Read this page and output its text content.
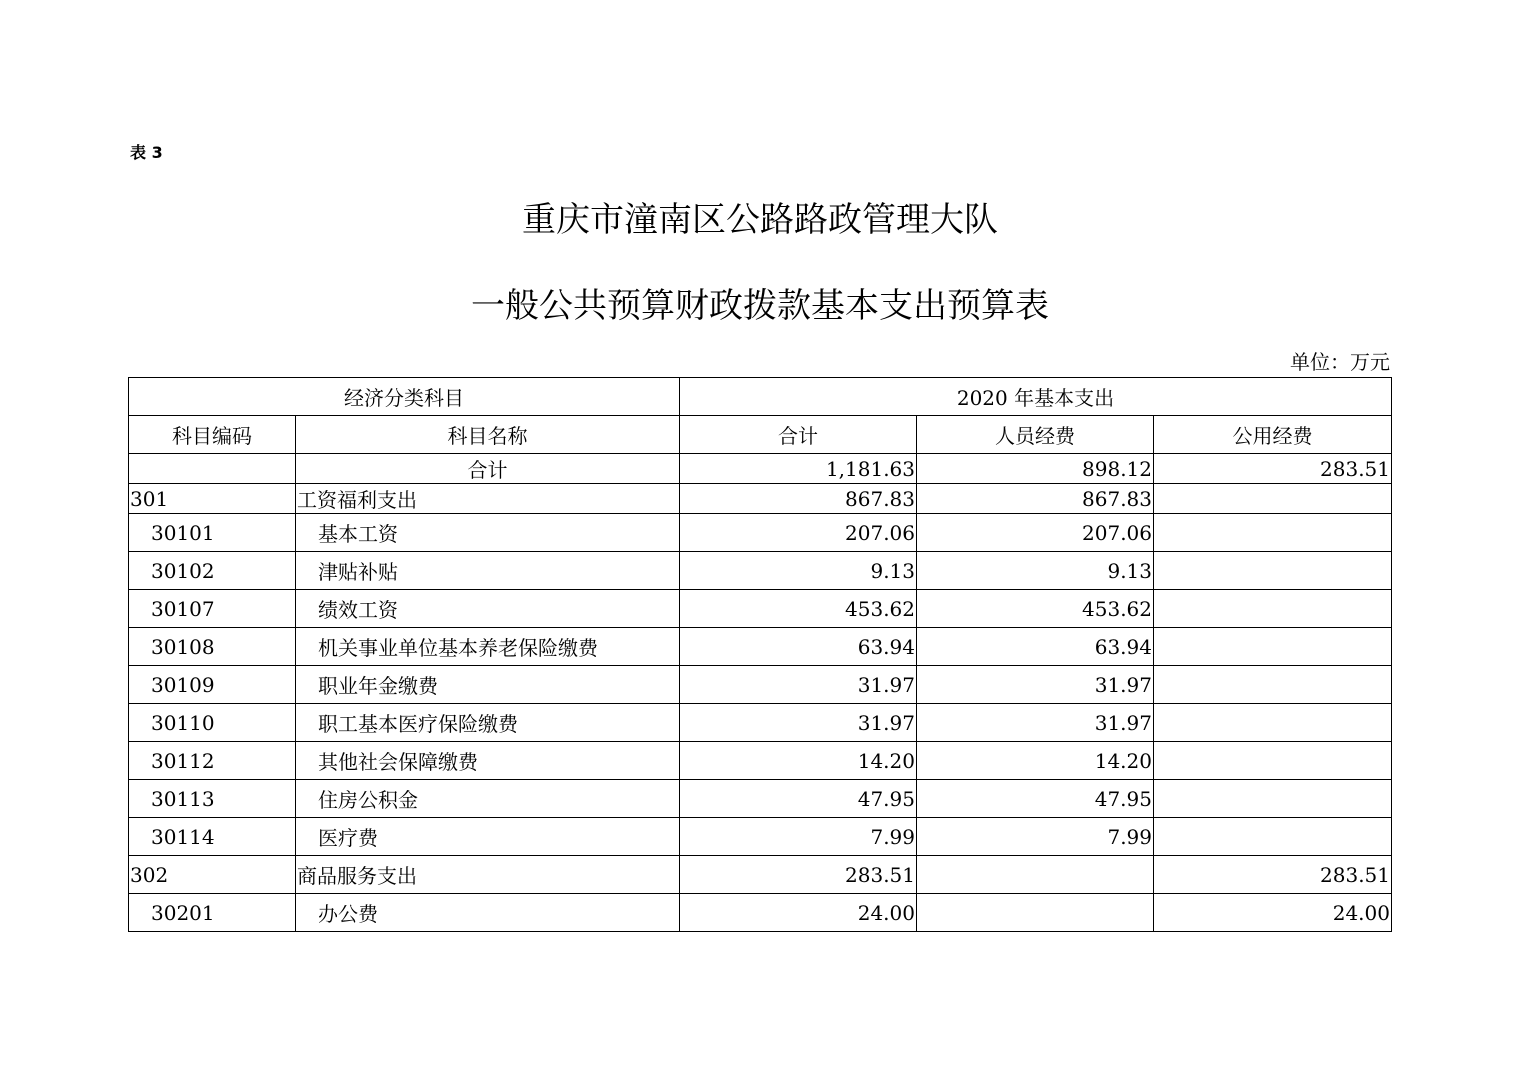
表 3
重庆市潼南区公路路政管理大队
一般公共预算财政拨款基本支出预算表
单位：万元
经济分类科目		2020 年基本支出		
科目编码	科目名称	合计	人员经费	公用经费
	合计	1,181.63	898.12	283.51
301	工资福利支出	867.83	867.83	
30101	基本工资	207.06	207.06	
30102	津贴补贴	9.13	9.13	
30107	绩效工资	453.62	453.62	
30108	机关事业单位基本养老保险缴费	63.94	63.94	
30109	职业年金缴费	31.97	31.97	
30110	职工基本医疗保险缴费	31.97	31.97	
30112	其他社会保障缴费	14.20	14.20	
30113	住房公积金	47.95	47.95	
30114	医疗费	7.99	7.99	
302	商品服务支出	283.51		283.51
30201	办公费	24.00		24.00
